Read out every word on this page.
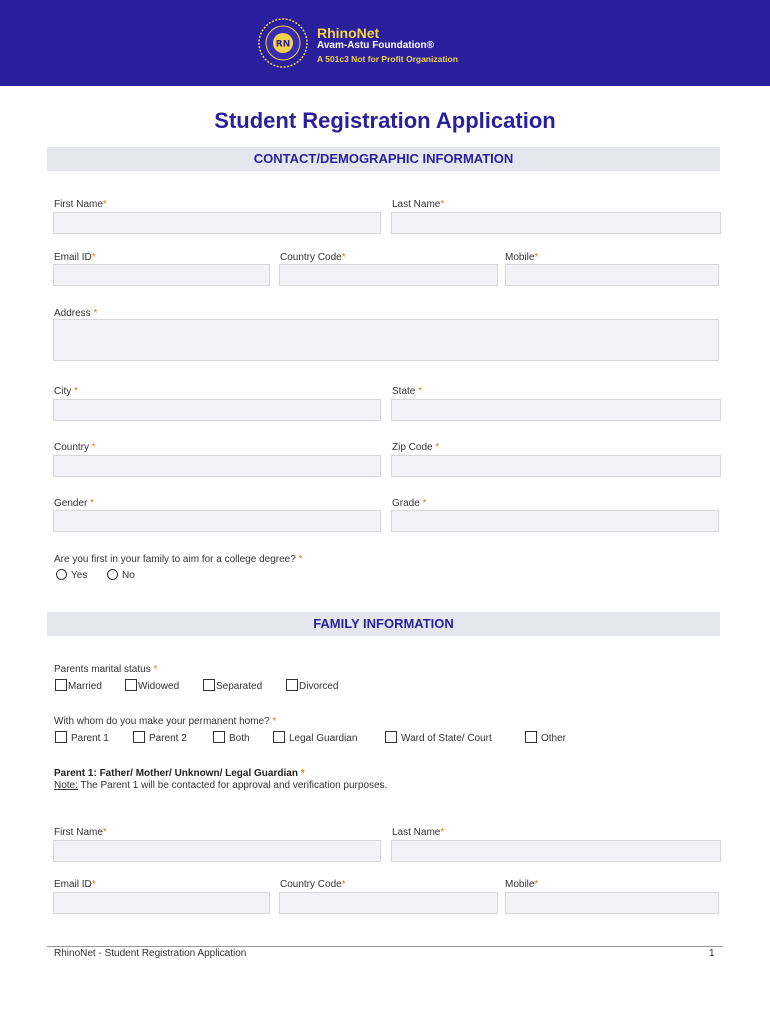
RN
RhinoNet
Avam-Astu Foundation®
A 501c3 Not for Profit Organization
Student Registration Application
CONTACT/DEMOGRAPHIC INFORMATION
First Name*	Last Name*
Email ID*	Country Code*	Mobile*
Address *
City *	State *
Country *	Zip Code *
Gender *	Grade *
Are you first in your family to aim for a college degree? *
Yes	No
FAMILY INFORMATION
Parents marital status *
Married	Widowed	Separated	Divorced
With whom do you make your permanent home? *
Parent 1	Parent 2	Both	Legal Guardian	Ward of State/ Court	Other
Parent 1: Father/ Mother/ Unknown/ Legal Guardian *
Note: The Parent 1 will be contacted for approval and verification purposes.
First Name*	Last Name*
Email ID*	Country Code*	Mobile*
RhinoNet - Student Registration Application	1
